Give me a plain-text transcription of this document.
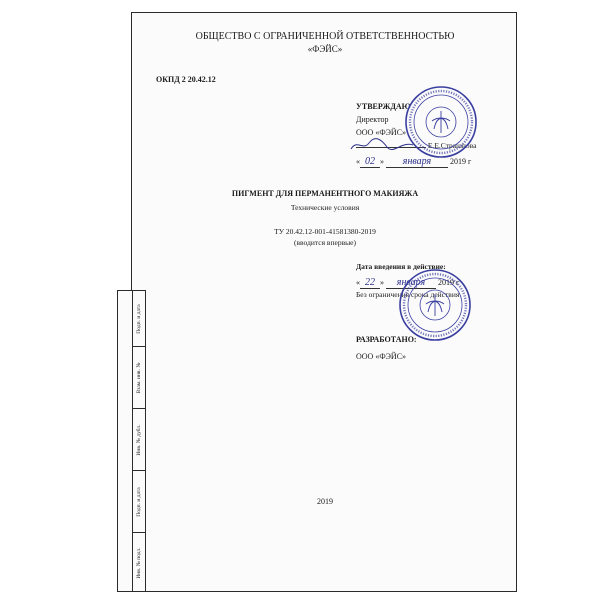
ОБЩЕСТВО С ОГРАНИЧЕННОЙ ОТВЕТСТВЕННОСТЬЮ
«ФЭЙС»
ОКПД 2 20.42.12
УТВЕРЖДАЮ
Директор
ООО «ФЭЙС»
Е.Е.Страшнова
« 02 » января 2019 г
ПИГМЕНТ ДЛЯ ПЕРМАНЕНТНОГО МАКИЯЖА
Технические условия
ТУ 20.42.12-001-41581380-2019
(вводится впервые)
Дата введения в действие:
« 22 » января 2019 г
Без ограничения срока действия
РАЗРАБОТАНО:
ООО «ФЭЙС»
2019
Подп. и дата
Взам. инв. №
Инв. № дубл.
Подп. и дата
Инв. № подл.
